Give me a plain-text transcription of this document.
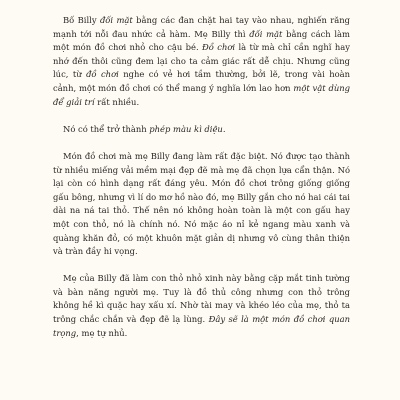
Bố Billy đối mặt bằng các đan chặt hai tay vào nhau, nghiến răng mạnh tới nỗi đau nhức cả hàm. Mẹ Billy thì đối mặt bằng cách làm một món đồ chơi nhỏ cho cậu bé. Đồ chơi là từ mà chỉ cần nghĩ hay nhớ đến thôi cũng đem lại cho ta cảm giác rất dễ chịu. Nhưng cũng lúc, từ đồ chơi nghe có vẻ hơi tầm thường, bởi lẽ, trong vài hoàn cảnh, một món đồ chơi có thể mang ý nghĩa lớn lao hơn một vật dùng để giải trí rất nhiều.

Nó có thể trở thành phép màu kì diệu.

Món đồ chơi mà mẹ Billy đang làm rất đặc biệt. Nó được tạo thành từ nhiều miếng vải mềm mại đẹp đẽ mà mẹ đã chọn lựa cẩn thận. Nó lại còn có hình dạng rất đáng yêu. Món đồ chơi trông giống giống gấu bông, nhưng vì lí do mơ hồ nào đó, mẹ Billy gắn cho nó hai cái tai dài na ná tai thỏ. Thế nên nó không hoàn toàn là một con gấu hay một con thỏ, nó là chính nó. Nó mặc áo nỉ kẻ ngang màu xanh và quàng khăn đỏ, có một khuôn mặt giản dị nhưng vô cùng thân thiện và tràn đầy hi vọng.

Mẹ của Billy đã làm con thỏ nhỏ xinh này bằng cặp mắt tinh tường và bàn năng người mẹ. Tuy là đồ thủ công nhưng con thỏ trông không hề kì quặc hay xấu xí. Nhờ tài may và khéo léo của mẹ, thỏ ta trông chắc chắn và đẹp đẽ lạ lùng. Đây sẽ là một món đồ chơi quan trọng, mẹ tự nhủ.
